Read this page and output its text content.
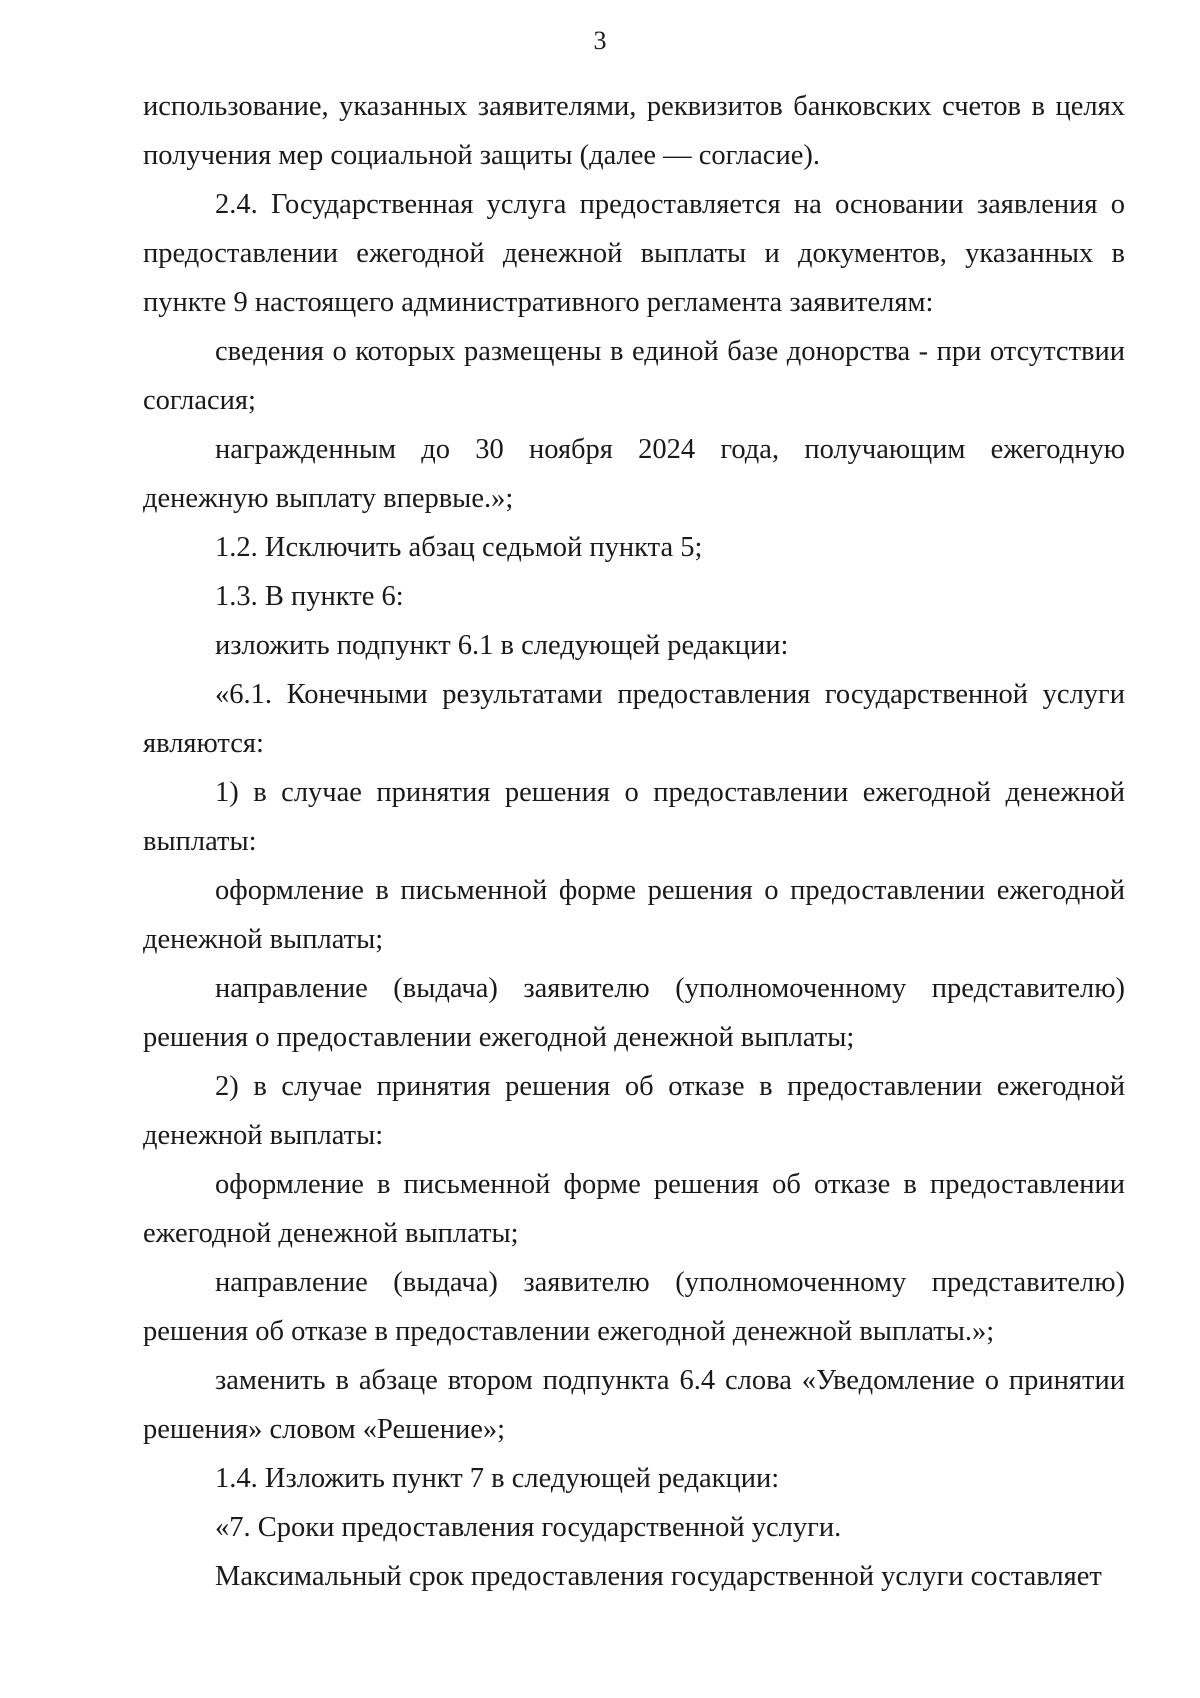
3

использование, указанных заявителями, реквизитов банковских счетов в целях получения мер социальной защиты (далее — согласие).

2.4. Государственная услуга предоставляется на основании заявления о предоставлении ежегодной денежной выплаты и документов, указанных в пункте 9 настоящего административного регламента заявителям:

сведения о которых размещены в единой базе донорства - при отсутствии согласия;

награжденным до 30 ноября 2024 года, получающим ежегодную денежную выплату впервые.»;

1.2. Исключить абзац седьмой пункта 5;

1.3. В пункте 6:

изложить подпункт 6.1 в следующей редакции:

«6.1. Конечными результатами предоставления государственной услуги являются:

1) в случае принятия решения о предоставлении ежегодной денежной выплаты:

оформление в письменной форме решения о предоставлении ежегодной денежной выплаты;

направление (выдача) заявителю (уполномоченному представителю) решения о предоставлении ежегодной денежной выплаты;

2) в случае принятия решения об отказе в предоставлении ежегодной денежной выплаты:

оформление в письменной форме решения об отказе в предоставлении ежегодной денежной выплаты;

направление (выдача) заявителю (уполномоченному представителю) решения об отказе в предоставлении ежегодной денежной выплаты.»;

заменить в абзаце втором подпункта 6.4 слова «Уведомление о принятии решения» словом «Решение»;

1.4. Изложить пункт 7 в следующей редакции:

«7. Сроки предоставления государственной услуги.

Максимальный срок предоставления государственной услуги составляет
